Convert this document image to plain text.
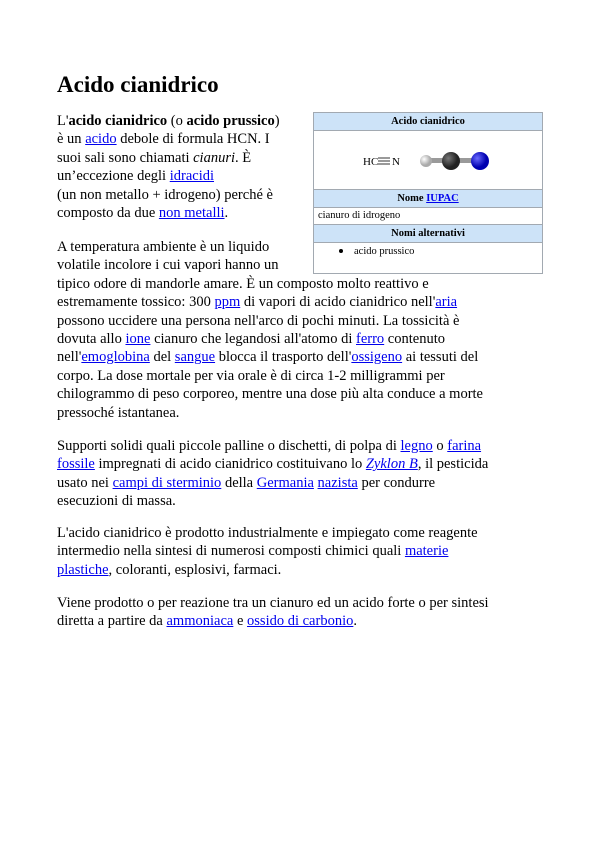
Acido cianidrico
Acido cianidrico
HC N
Nome IUPAC
cianuro di idrogeno
Nomi alternativi
acido prussico
L'acido cianidrico (o acido prussico)
è un acido debole di formula HCN. I
suoi sali sono chiamati cianuri. È
un’eccezione degli idracidi
(un non metallo + idrogeno) perché è
composto da due non metalli.
A temperatura ambiente è un liquido
volatile incolore i cui vapori hanno un
tipico odore di mandorle amare. È un composto molto reattivo e
estremamente tossico: 300 ppm di vapori di acido cianidrico nell'aria
possono uccidere una persona nell'arco di pochi minuti. La tossicità è
dovuta allo ione cianuro che legandosi all'atomo di ferro contenuto
nell'emoglobina del sangue blocca il trasporto dell'ossigeno ai tessuti del
corpo. La dose mortale per via orale è di circa 1-2 milligrammi per
chilogrammo di peso corporeo, mentre una dose più alta conduce a morte
pressoché istantanea.
Supporti solidi quali piccole palline o dischetti, di polpa di legno o farina
fossile impregnati di acido cianidrico costituivano lo Zyklon B, il pesticida
usato nei campi di sterminio della Germania nazista per condurre
esecuzioni di massa.
L'acido cianidrico è prodotto industrialmente e impiegato come reagente
intermedio nella sintesi di numerosi composti chimici quali materie
plastiche, coloranti, esplosivi, farmaci.
Viene prodotto o per reazione tra un cianuro ed un acido forte o per sintesi
diretta a partire da ammoniaca e ossido di carbonio.
